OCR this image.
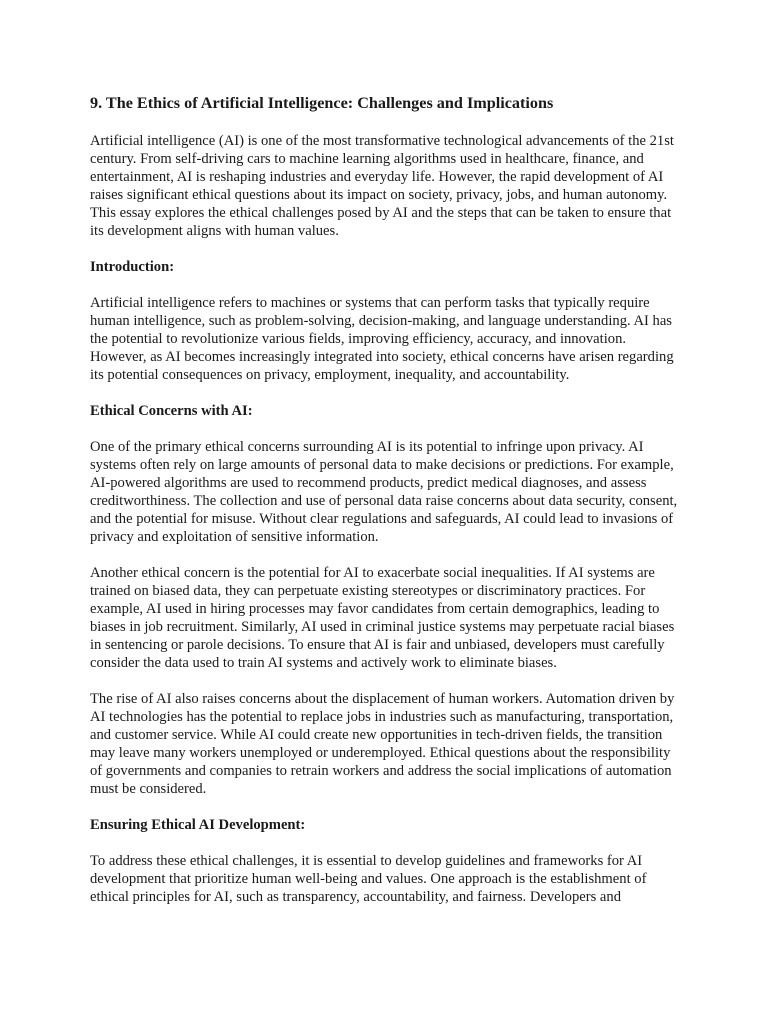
9. The Ethics of Artificial Intelligence: Challenges and Implications

Artificial intelligence (AI) is one of the most transformative technological advancements of the 21st century. From self-driving cars to machine learning algorithms used in healthcare, finance, and entertainment, AI is reshaping industries and everyday life. However, the rapid development of AI raises significant ethical questions about its impact on society, privacy, jobs, and human autonomy. This essay explores the ethical challenges posed by AI and the steps that can be taken to ensure that its development aligns with human values.

Introduction:

Artificial intelligence refers to machines or systems that can perform tasks that typically require human intelligence, such as problem-solving, decision-making, and language understanding. AI has the potential to revolutionize various fields, improving efficiency, accuracy, and innovation. However, as AI becomes increasingly integrated into society, ethical concerns have arisen regarding its potential consequences on privacy, employment, inequality, and accountability.

Ethical Concerns with AI:

One of the primary ethical concerns surrounding AI is its potential to infringe upon privacy. AI systems often rely on large amounts of personal data to make decisions or predictions. For example, AI-powered algorithms are used to recommend products, predict medical diagnoses, and assess creditworthiness. The collection and use of personal data raise concerns about data security, consent, and the potential for misuse. Without clear regulations and safeguards, AI could lead to invasions of privacy and exploitation of sensitive information.

Another ethical concern is the potential for AI to exacerbate social inequalities. If AI systems are trained on biased data, they can perpetuate existing stereotypes or discriminatory practices. For example, AI used in hiring processes may favor candidates from certain demographics, leading to biases in job recruitment. Similarly, AI used in criminal justice systems may perpetuate racial biases in sentencing or parole decisions. To ensure that AI is fair and unbiased, developers must carefully consider the data used to train AI systems and actively work to eliminate biases.

The rise of AI also raises concerns about the displacement of human workers. Automation driven by AI technologies has the potential to replace jobs in industries such as manufacturing, transportation, and customer service. While AI could create new opportunities in tech-driven fields, the transition may leave many workers unemployed or underemployed. Ethical questions about the responsibility of governments and companies to retrain workers and address the social implications of automation must be considered.

Ensuring Ethical AI Development:

To address these ethical challenges, it is essential to develop guidelines and frameworks for AI development that prioritize human well-being and values. One approach is the establishment of ethical principles for AI, such as transparency, accountability, and fairness. Developers and
